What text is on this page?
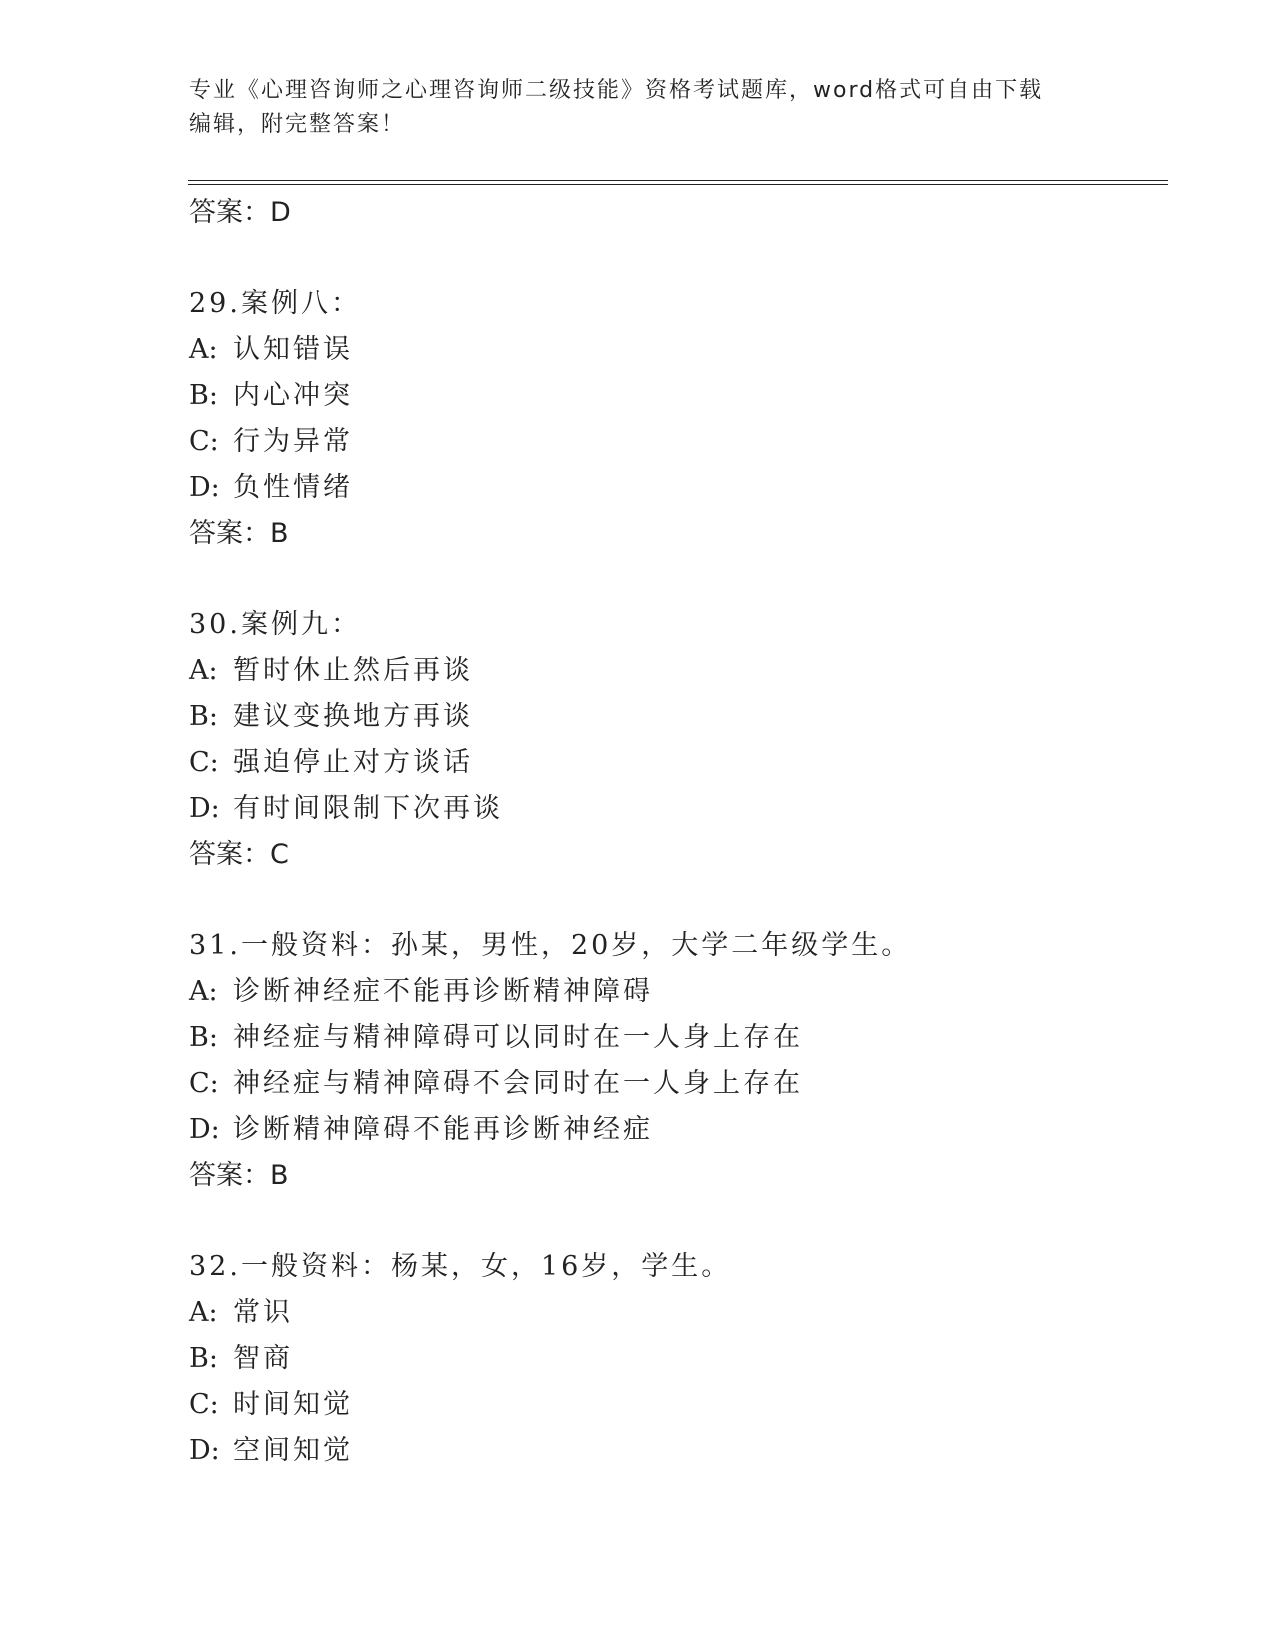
专业《心理咨询师之心理咨询师二级技能》资格考试题库，word格式可自由下载
编辑，附完整答案！
答案：D
29.案例八：
A: 认知错误
B: 内心冲突
C: 行为异常
D: 负性情绪
答案：B
30.案例九：
A: 暂时休止然后再谈
B: 建议变换地方再谈
C: 强迫停止对方谈话
D: 有时间限制下次再谈
答案：C
31.一般资料：孙某，男性，20岁，大学二年级学生。
A: 诊断神经症不能再诊断精神障碍
B: 神经症与精神障碍可以同时在一人身上存在
C: 神经症与精神障碍不会同时在一人身上存在
D: 诊断精神障碍不能再诊断神经症
答案：B
32.一般资料：杨某，女，16岁，学生。
A: 常识
B: 智商
C: 时间知觉
D: 空间知觉
